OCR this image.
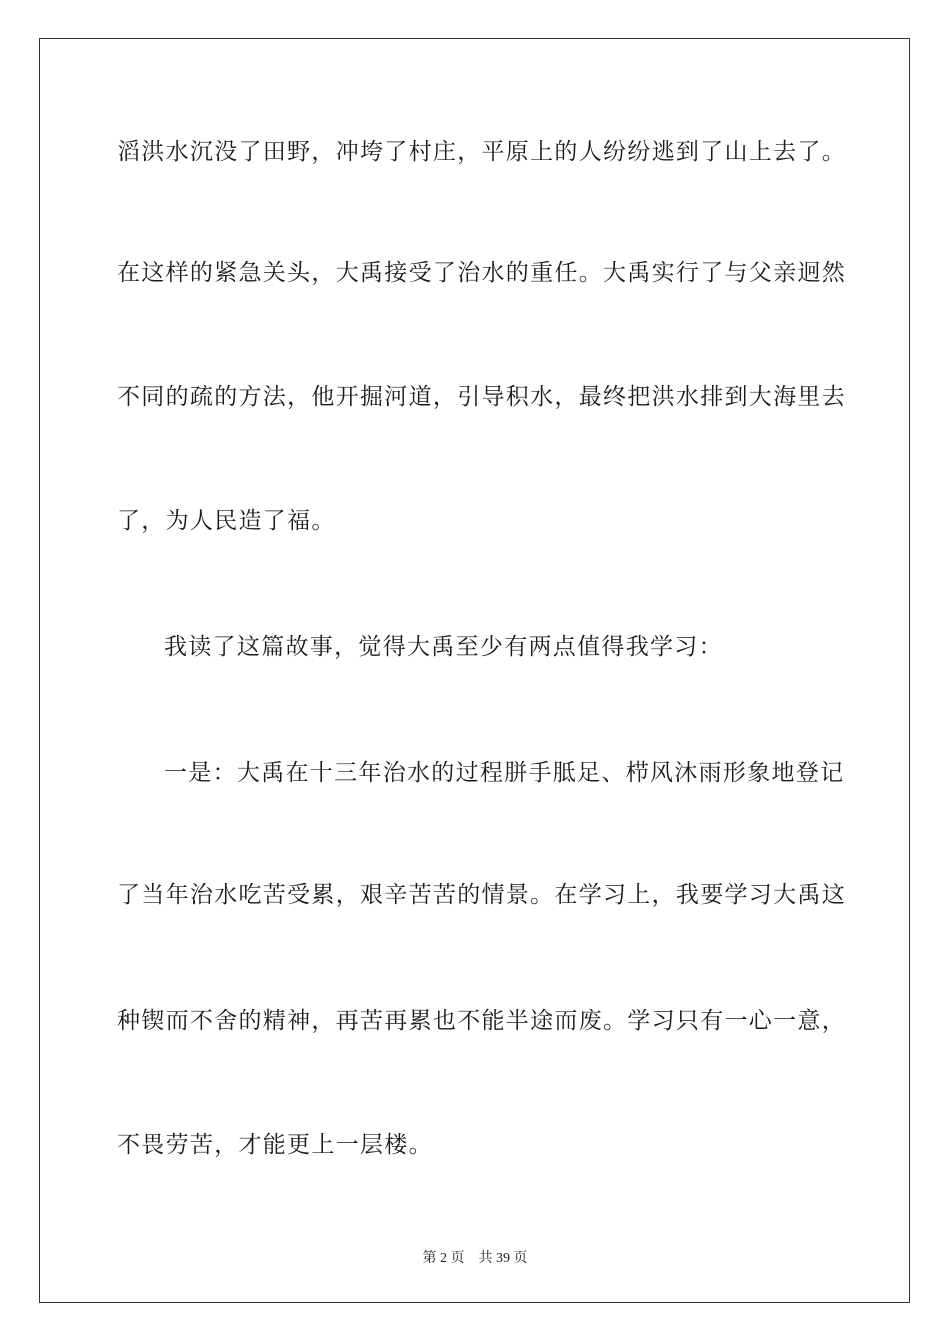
滔洪水沉没了田野，冲垮了村庄，平原上的人纷纷逃到了山上去了。
在这样的紧急关头，大禹接受了治水的重任。大禹实行了与父亲迥然
不同的疏的方法，他开掘河道，引导积水，最终把洪水排到大海里去
了，为人民造了福。
我读了这篇故事，觉得大禹至少有两点值得我学习：
一是：大禹在十三年治水的过程胼手胝足、栉风沐雨形象地登记
了当年治水吃苦受累，艰辛苦苦的情景。在学习上，我要学习大禹这
种锲而不舍的精神，再苦再累也不能半途而废。学习只有一心一意，
不畏劳苦，才能更上一层楼。
第 2 页 共 39 页
